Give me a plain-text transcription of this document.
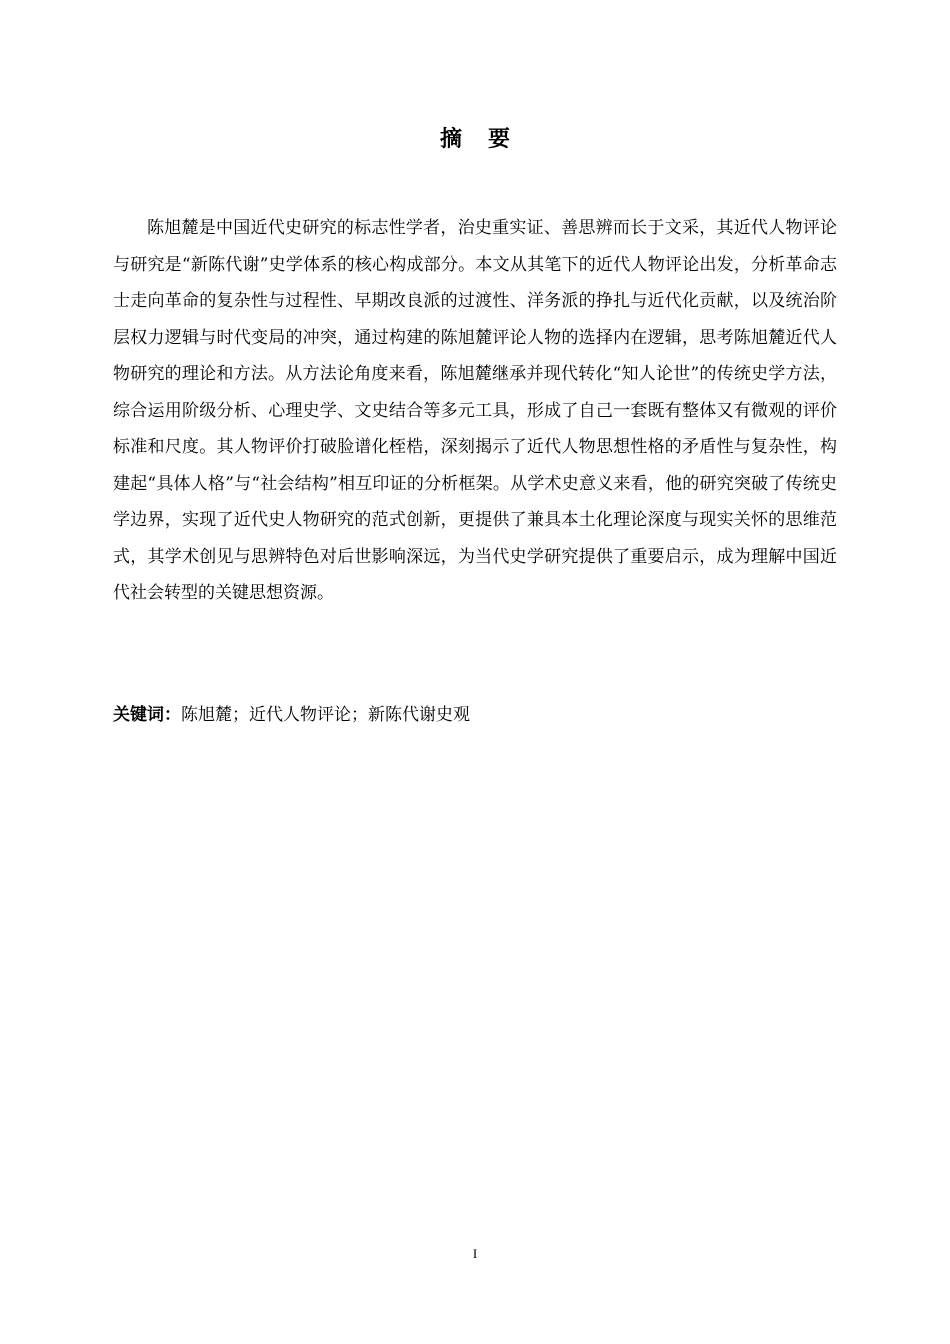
摘要

陈旭麓是中国近代史研究的标志性学者，治史重实证、善思辨而长于文采，其近代人物评论与研究是“新陈代谢”史学体系的核心构成部分。本文从其笔下的近代人物评论出发，分析革命志士走向革命的复杂性与过程性、早期改良派的过渡性、洋务派的挣扎与近代化贡献，以及统治阶层权力逻辑与时代变局的冲突，通过构建的陈旭麓评论人物的选择内在逻辑，思考陈旭麓近代人物研究的理论和方法。从方法论角度来看，陈旭麓继承并现代转化“知人论世”的传统史学方法，综合运用阶级分析、心理史学、文史结合等多元工具，形成了自己一套既有整体又有微观的评价标准和尺度。其人物评价打破脸谱化桎梏，深刻揭示了近代人物思想性格的矛盾性与复杂性，构建起“具体人格”与“社会结构”相互印证的分析框架。从学术史意义来看，他的研究突破了传统史学边界，实现了近代史人物研究的范式创新，更提供了兼具本土化理论深度与现实关怀的思维范式，其学术创见与思辨特色对后世影响深远，为当代史学研究提供了重要启示，成为理解中国近代社会转型的关键思想资源。

关键词：陈旭麓；近代人物评论；新陈代谢史观

I
